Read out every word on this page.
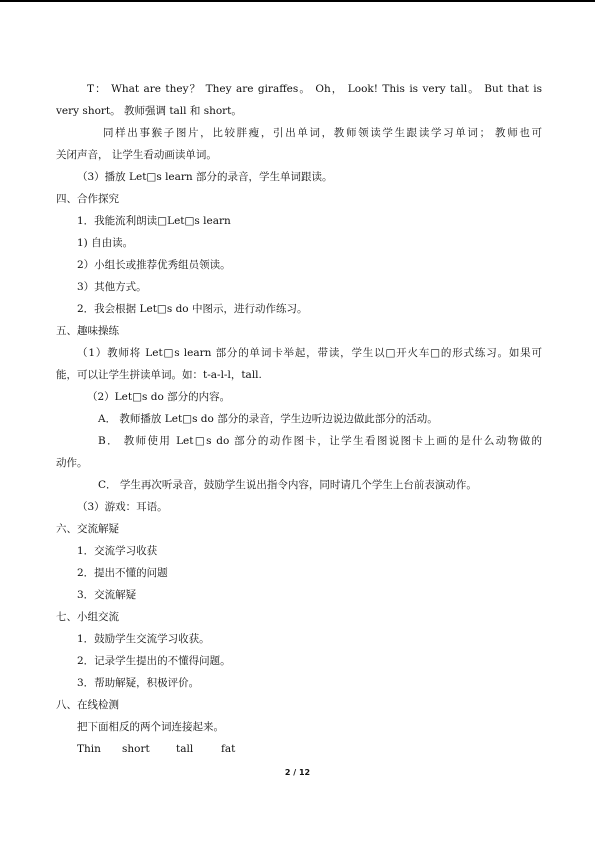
T： What are they？ They are giraffes。 Oh， Look! This is very tall。 But that is
very short。 教师强调 tall 和 short。
同样出事猴子图片，比较胖瘦，引出单词，教师领读学生跟读学习单词； 教师也可
关闭声音， 让学生看动画读单词。
（3）播放 Let□s learn 部分的录音，学生单词跟读。
四、合作探究
1．我能流利朗读□Let□s learn
1) 自由读。
2）小组长或推荐优秀组员领读。
3）其他方式。
2．我会根据 Let□s do 中图示，进行动作练习。
五、趣味操练
（1）教师将 Let□s learn 部分的单词卡举起，带读，学生以□开火车□的形式练习。如果可
能，可以让学生拼读单词。如：t-a-l-l，tall.
（2）Let□s do 部分的内容。
A． 教师播放 Let□s do 部分的录音，学生边听边说边做此部分的活动。
B． 教师使用 Let□s do 部分的动作图卡，让学生看图说图卡上画的是什么动物做的
动作。
C． 学生再次听录音，鼓励学生说出指令内容，同时请几个学生上台前表演动作。
（3）游戏：耳语。
六、交流解疑
1．交流学习收获
2．提出不懂的问题
3．交流解疑
七、小组交流
1．鼓励学生交流学习收获。
2．记录学生提出的不懂得问题。
3．帮助解疑，积极评价。
八、在线检测
把下面相反的两个词连接起来。
Thin short	tall	fat
2 / 12
